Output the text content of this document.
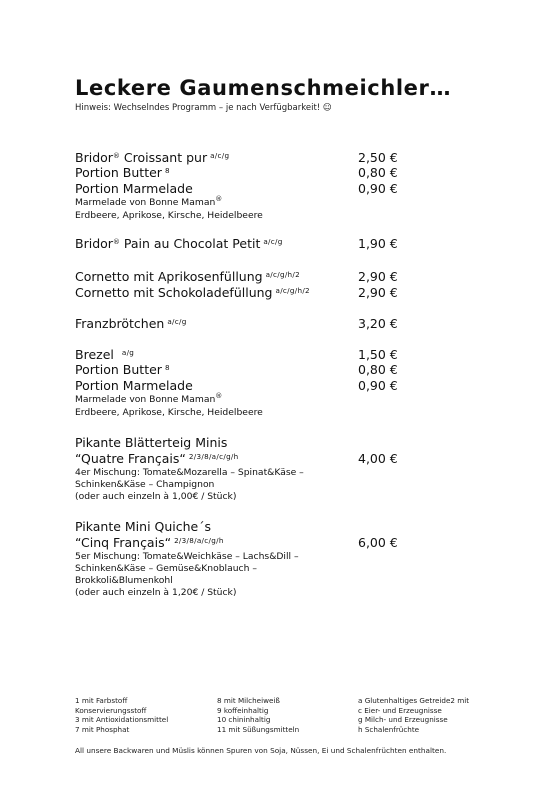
Leckere Gaumenschmeichler…
Hinweis: Wechselndes Programm – je nach Verfügbarkeit! ☺
Bridor® Croissant pur $^{a/c/g}$	2,50 €
Portion Butter $^8$	0,80 €
Portion Marmelade	0,90 €
Marmelade von Bonne Maman®
Erdbeere, Aprikose, Kirsche, Heidelbeere
Bridor® Pain au Chocolat Petit $^{a/c/g}$	1,90 €
Cornetto mit Aprikosenfüllung $^{a/c/g/h/2}$	2,90 €
Cornetto mit Schokoladefüllung $^{a/c/g/h/2}$	2,90 €
Franzbrötchen $^{a/c/g}$	3,20 €
Brezel $^{a/g}$	1,50 €
Portion Butter $^8$	0,80 €
Portion Marmelade	0,90 €
Marmelade von Bonne Maman®
Erdbeere, Aprikose, Kirsche, Heidelbeere
Pikante Blätterteig Minis
“Quatre Français“ $^{2/3/8/a/c/g/h}$	4,00 €
4er Mischung: Tomate&Mozarella – Spinat&Käse –
Schinken&Käse – Champignon
(oder auch einzeln à 1,00€ / Stück)
Pikante Mini Quiche´s
“Cinq Français“ $^{2/3/8/a/c/g/h}$	6,00 €
5er Mischung: Tomate&Weichkäse – Lachs&Dill –
Schinken&Käse – Gemüse&Knoblauch –
Brokkoli&Blumenkohl
(oder auch einzeln à 1,20€ / Stück)
1 mit Farbstoff
Konservierungsstoff
3 mit Antioxidationsmittel
7 mit Phosphat
8 mit Milcheiweiß
9 koffeinhaltig
10 chininhaltig
11 mit Süßungsmitteln
a Glutenhaltiges Getreide2 mit
c Eier- und Erzeugnisse
g Milch- und Erzeugnisse
h Schalenfrüchte
All unsere Backwaren und Müslis können Spuren von Soja, Nüssen, Ei und Schalenfrüchten enthalten.
